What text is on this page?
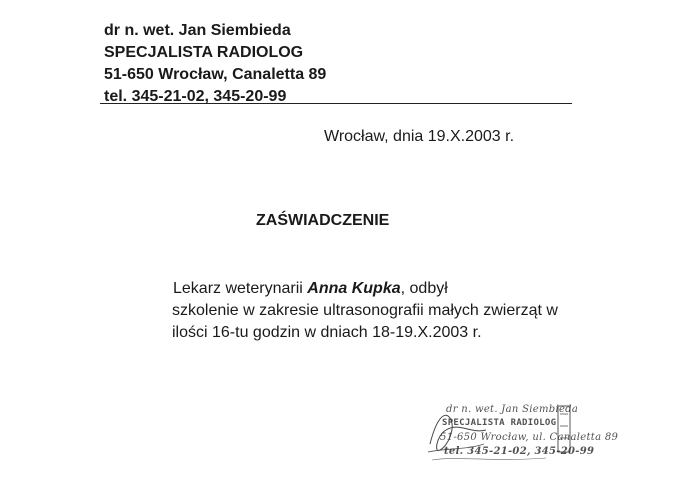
dr n. wet. Jan Siembieda
SPECJALISTA RADIOLOG
51-650 Wrocław, Canaletta 89
tel. 345-21-02, 345-20-99
Wrocław, dnia 19.X.2003 r.
ZAŚWIADCZENIE
Lekarz weterynarii Anna Kupka, odbył
szkolenie w zakresie ultrasonografii małych zwierząt w
ilości 16-tu godzin w dniach 18-19.X.2003 r.
dr n. wet. Jan Siembieda
SPECJALISTA RADIOLOG
51-650 Wrocław, ul. Canaletta 89
tel. 345-21-02, 345-20-99
